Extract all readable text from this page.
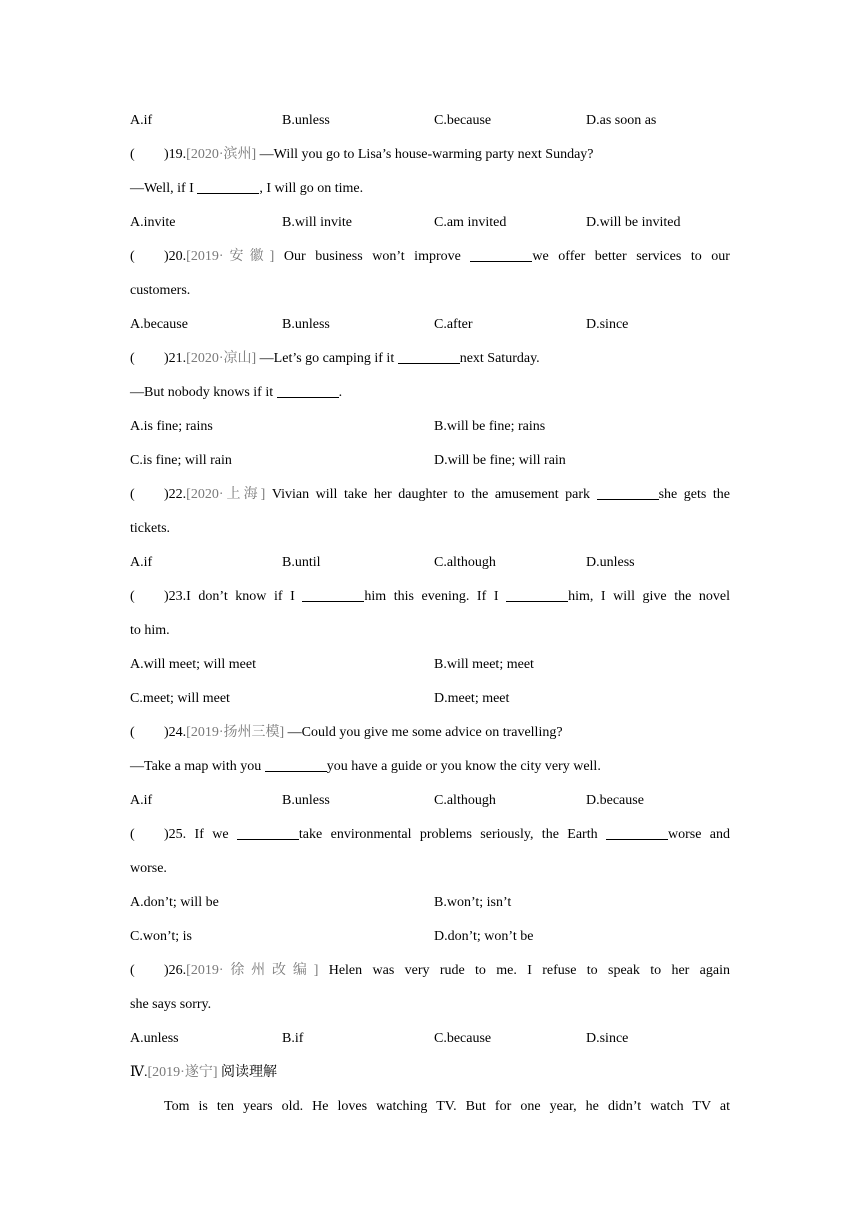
A.if	B.unless	C.because	D.as soon as
( )19.[2020·滨州] —Will you go to Lisa’s house-warming party next Sunday?
—Well, if I	, I will go on time.
A.invite	B.will invite	C.am invited	D.will be invited
( )20.[2019·安徽] Our business won’t improve	we offer better services to our
customers.
A.because	B.unless	C.after	D.since
( )21.[2020·凉山] —Let’s go camping if it	next Saturday.
—But nobody knows if it	.
A.is fine; rains	B.will be fine; rains
C.is fine; will rain	D.will be fine; will rain
( )22.[2020·上海] Vivian will take her daughter to the amusement park	she gets the
tickets.
A.if	B.until	C.although	D.unless
( )23.I don’t know if I	him this evening. If I	him, I will give the novel
to him.
A.will meet; will meet	B.will meet; meet
C.meet; will meet	D.meet; meet
( )24.[2019·扬州三模] —Could you give me some advice on travelling?
—Take a map with you	you have a guide or you know the city very well.
A.if	B.unless	C.although	D.because
( )25. If we	take environmental problems seriously, the Earth	worse and
worse.
A.don’t; will be	B.won’t; isn’t
C.won’t; is	D.don’t; won’t be
( )26.[2019·徐州改编] Helen was very rude to me. I refuse to speak to her again
she says sorry.
A.unless	B.if	C.because	D.since
Ⅳ.[2019·遂宁] 阅读理解
Tom is ten years old. He loves watching TV. But for one year, he didn’t watch TV at
